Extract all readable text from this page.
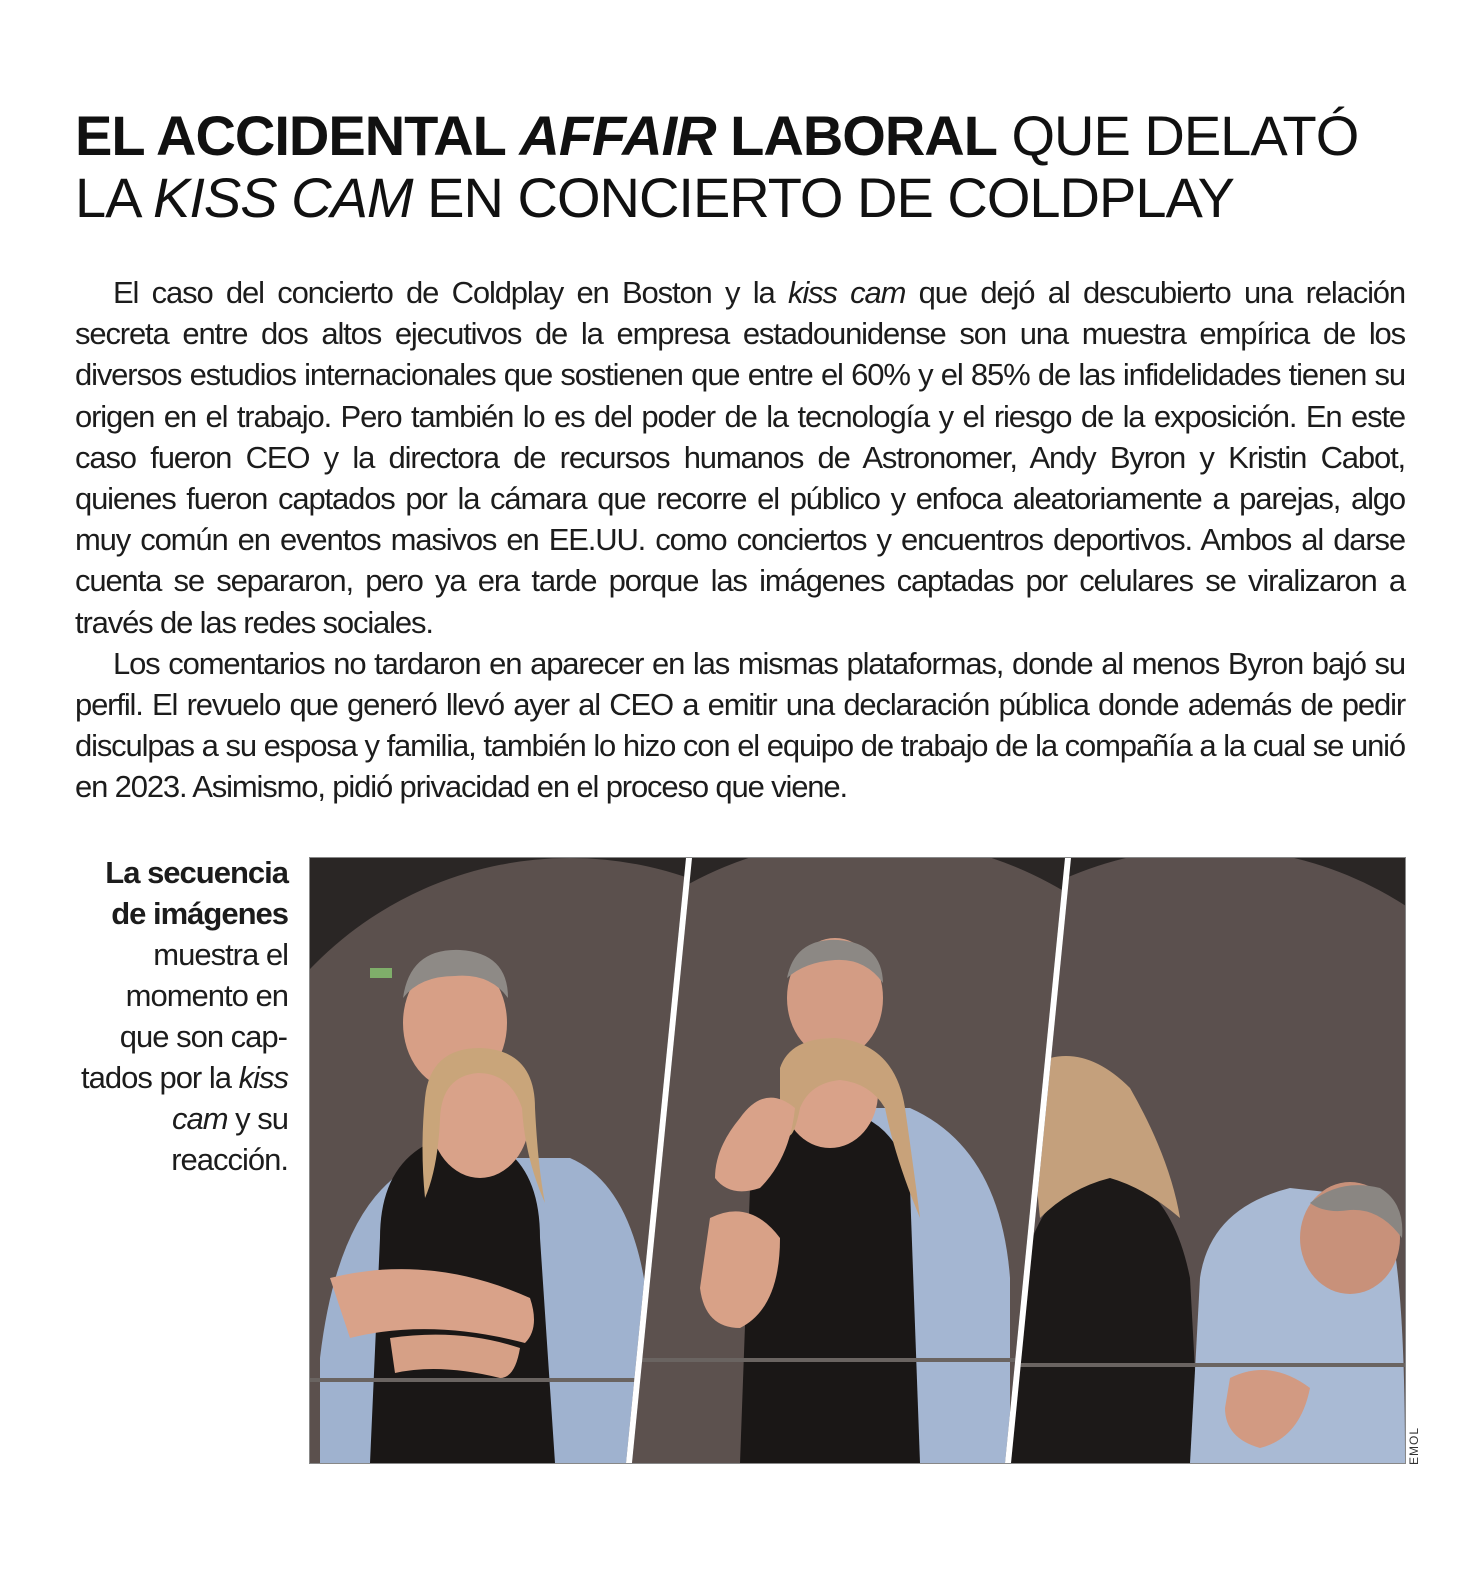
EL ACCIDENTAL AFFAIR LABORAL QUE DELATÓ
LA KISS CAM EN CONCIERTO DE COLDPLAY

El caso del concierto de Coldplay en Boston y la kiss cam que dejó al descubierto una relación secreta entre dos altos ejecutivos de la empresa estadounidense son una muestra empírica de los diversos estudios internacionales que sostienen que entre el 60% y el 85% de las infidelidades tienen su origen en el trabajo. Pero también lo es del poder de la tecnología y el riesgo de la exposición. En este caso fueron CEO y la directora de recursos humanos de Astronomer, Andy Byron y Kristin Cabot, quienes fueron captados por la cámara que recorre el público y enfoca aleatoriamente a parejas, algo muy común en eventos masivos en EE.UU. como conciertos y encuentros deportivos. Ambos al darse cuenta se separaron, pero ya era tarde porque las imágenes captadas por celulares se viralizaron a través de las redes sociales.

Los comentarios no tardaron en aparecer en las mismas plataformas, donde al menos Byron bajó su perfil. El revuelo que generó llevó ayer al CEO a emitir una declaración pública donde además de pedir disculpas a su esposa y familia, también lo hizo con el equipo de trabajo de la compañía a la cual se unió en 2023. Asimismo, pidió privacidad en el proceso que viene.

La secuencia de imágenes muestra el momento en que son captados por la kiss cam y su reacción.
EMOL
